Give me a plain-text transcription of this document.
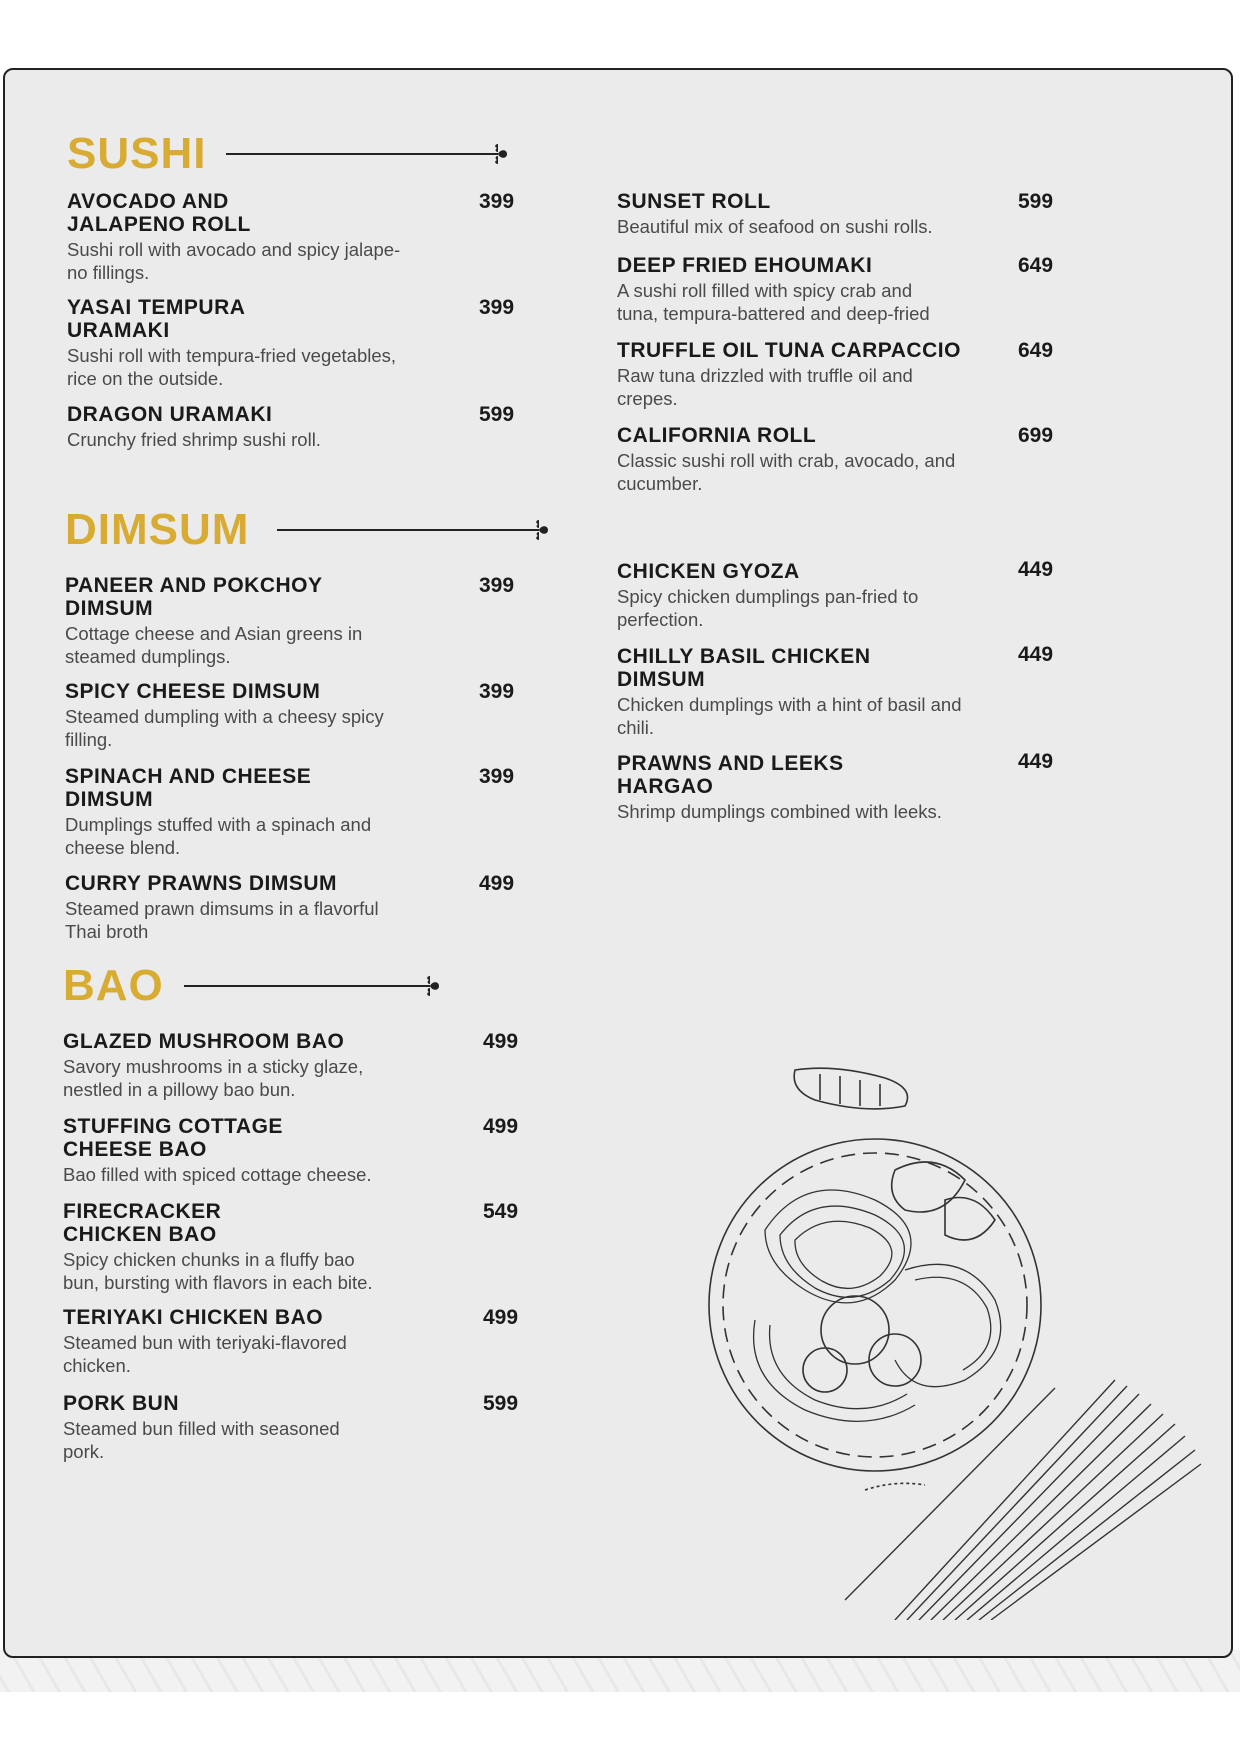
SUSHI
AVOCADO AND
JALAPENO ROLL
Sushi roll with avocado and spicy jalape-
no fillings.
399
YASAI TEMPURA
URAMAKI
Sushi roll with tempura-fried vegetables,
rice on the outside.
399
DRAGON URAMAKI
Crunchy fried shrimp sushi roll.
599
SUNSET ROLL
Beautiful mix of seafood on sushi rolls.
599
DEEP FRIED EHOUMAKI
A sushi roll filled with spicy crab and
tuna, tempura-battered and deep-fried
649
TRUFFLE OIL TUNA CARPACCIO
Raw tuna drizzled with truffle oil and
crepes.
649
CALIFORNIA ROLL
Classic sushi roll with crab, avocado, and
cucumber.
699
DIMSUM
PANEER AND POKCHOY
DIMSUM
Cottage cheese and Asian greens in
steamed dumplings.
399
SPICY CHEESE DIMSUM
Steamed dumpling with a cheesy spicy
filling.
399
SPINACH AND CHEESE
DIMSUM
Dumplings stuffed with a spinach and
cheese blend.
399
CURRY PRAWNS DIMSUM
Steamed prawn dimsums in a flavorful
Thai broth
499
CHICKEN GYOZA
Spicy chicken dumplings pan-fried to
perfection.
449
CHILLY BASIL CHICKEN
DIMSUM
Chicken dumplings with a hint of basil and
chili.
449
PRAWNS AND LEEKS
HARGAO
Shrimp dumplings combined with leeks.
449
BAO
GLAZED MUSHROOM BAO
Savory mushrooms in a sticky glaze,
nestled in a pillowy bao bun.
499
STUFFING COTTAGE
CHEESE BAO
Bao filled with spiced cottage cheese.
499
FIRECRACKER
CHICKEN BAO
Spicy chicken chunks in a fluffy bao
bun, bursting with flavors in each bite.
549
TERIYAKI CHICKEN BAO
Steamed bun with teriyaki-flavored
chicken.
499
PORK BUN
Steamed bun filled with seasoned
pork.
599
